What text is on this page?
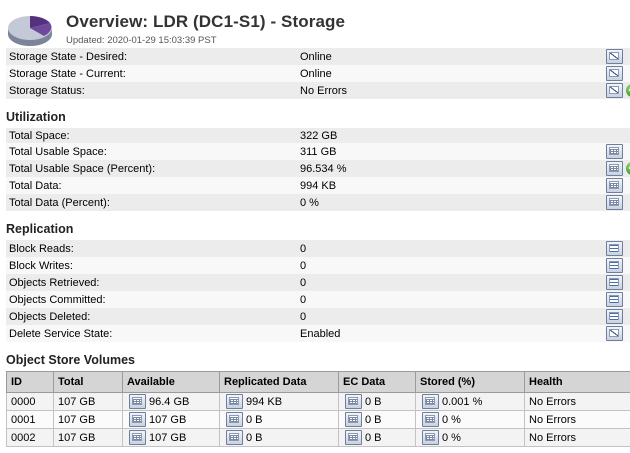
Overview: LDR (DC1-S1) - Storage
Updated: 2020-01-29 15:03:39 PST
Storage State - Desired:	Online	
Storage State - Current:	Online	
Storage Status:	No Errors	
Utilization
Total Space:	322 GB	
Total Usable Space:	311 GB	
Total Usable Space (Percent):	96.534 %	
Total Data:	994 KB	
Total Data (Percent):	0 %	
Replication
Block Reads:	0	
Block Writes:	0	
Objects Retrieved:	0	
Objects Committed:	0	
Objects Deleted:	0	
Delete Service State:	Enabled	
Object Store Volumes
ID	Total	Available	Replicated Data	EC Data	Stored (%)	Health	
0000	107 GB	96.4 GB	994 KB	0 B	0.001 %	No Errors	
0001	107 GB	107 GB	0 B	0 B	0 %	No Errors	
0002	107 GB	107 GB	0 B	0 B	0 %	No Errors	
